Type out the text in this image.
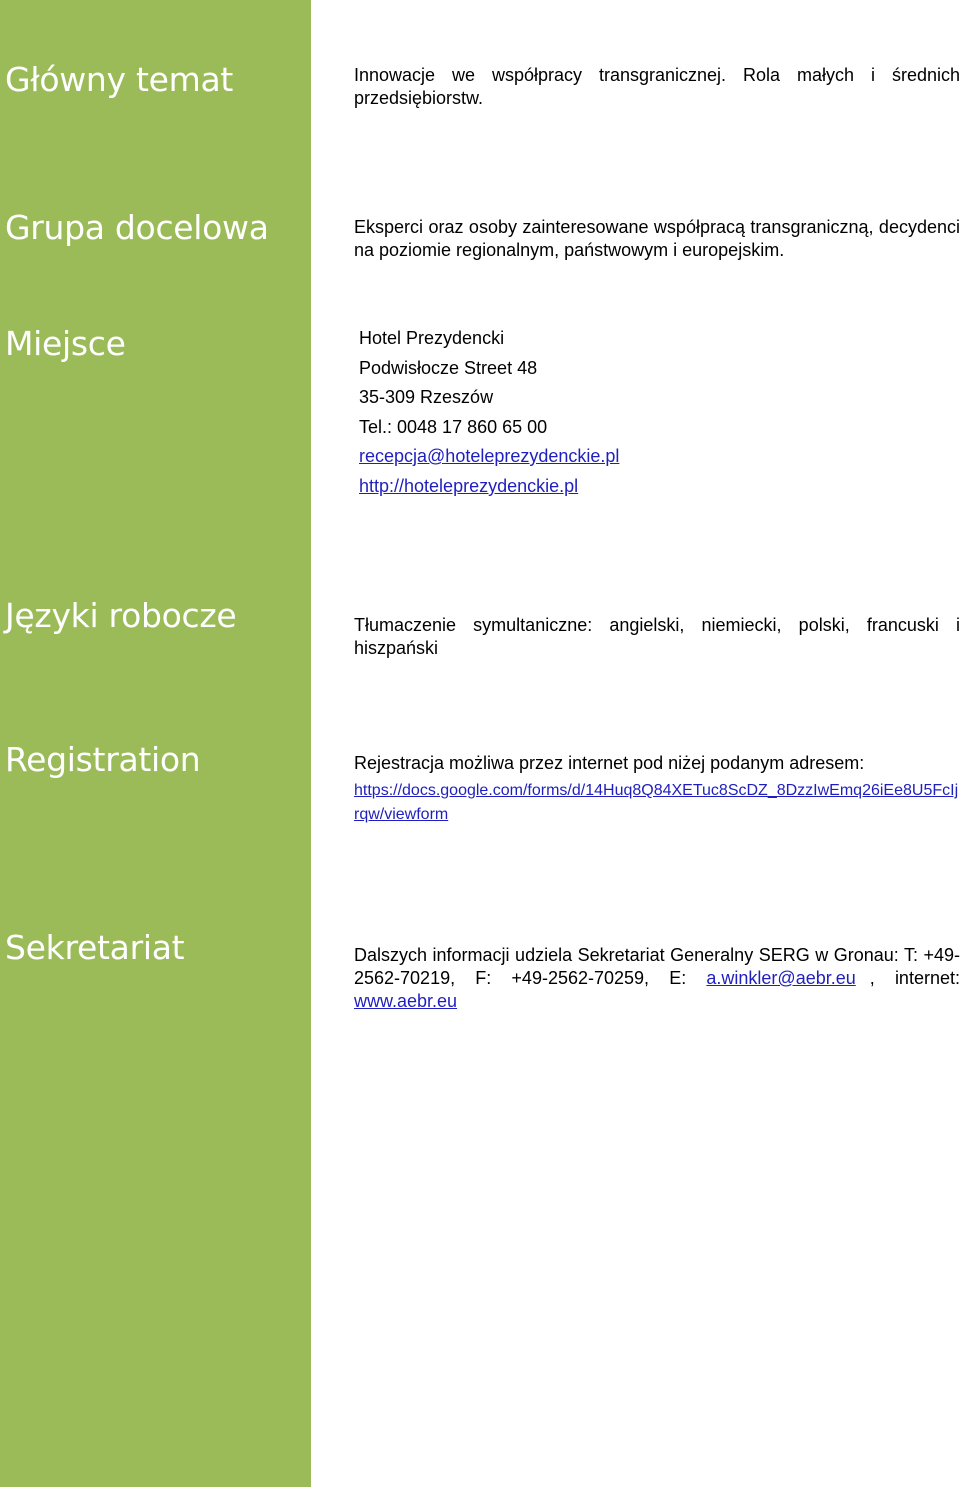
Główny temat
Grupa docelowa
Miejsce
Języki robocze
Registration
Sekretariat
Innowacje we współpracy transgranicznej. Rola małych i średnich przedsiębiorstw.
Eksperci oraz osoby zainteresowane współpracą transgraniczną, decydenci na poziomie regionalnym, państwowym i europejskim.
Hotel Prezydencki
Podwisłocze Street 48
35-309 Rzeszów
Tel.: 0048 17 860 65 00
recepcja@hoteleprezydenckie.pl
http://hoteleprezydenckie.pl
Tłumaczenie symultaniczne: angielski, niemiecki, polski, francuski i hiszpański
Rejestracja możliwa przez internet pod niżej podanym adresem:
https://docs.google.com/forms/d/14Huq8Q84XETuc8ScDZ_8DzzIwEmq26iEe8U5FcIjrqw/viewform
Dalszych informacji udziela Sekretariat Generalny SERG w Gronau: T: +49-2562-70219, F: +49-2562-70259, E: a.winkler@aebr.eu , internet: www.aebr.eu
